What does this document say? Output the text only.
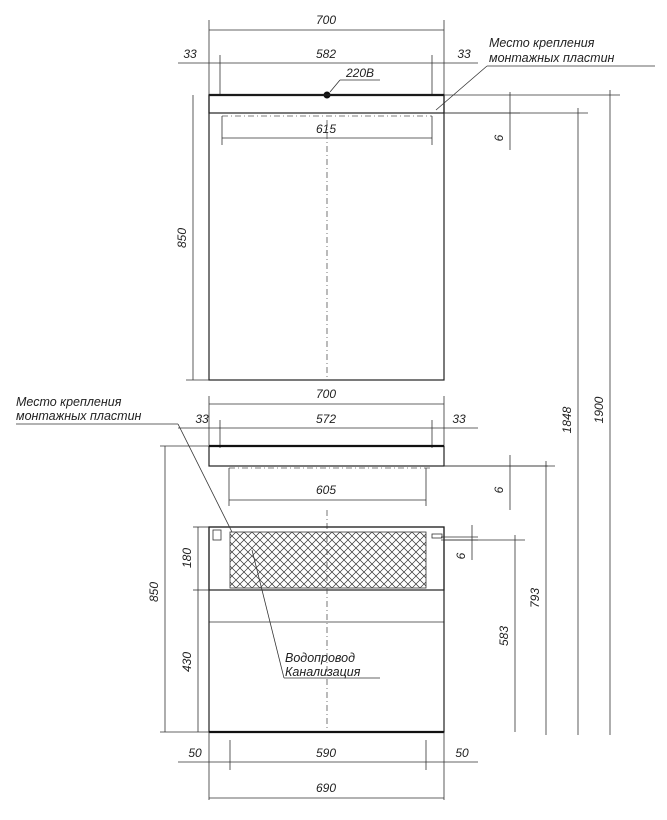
700
33	582	33
220В
615
850
6
Место крепления
монтажных пластин
1900
1848
700
33	572	33
605	6
6
583
793
850
180
430
50	590	50
690
Место крепления
монтажных пластин
Водопровод
Канализация
